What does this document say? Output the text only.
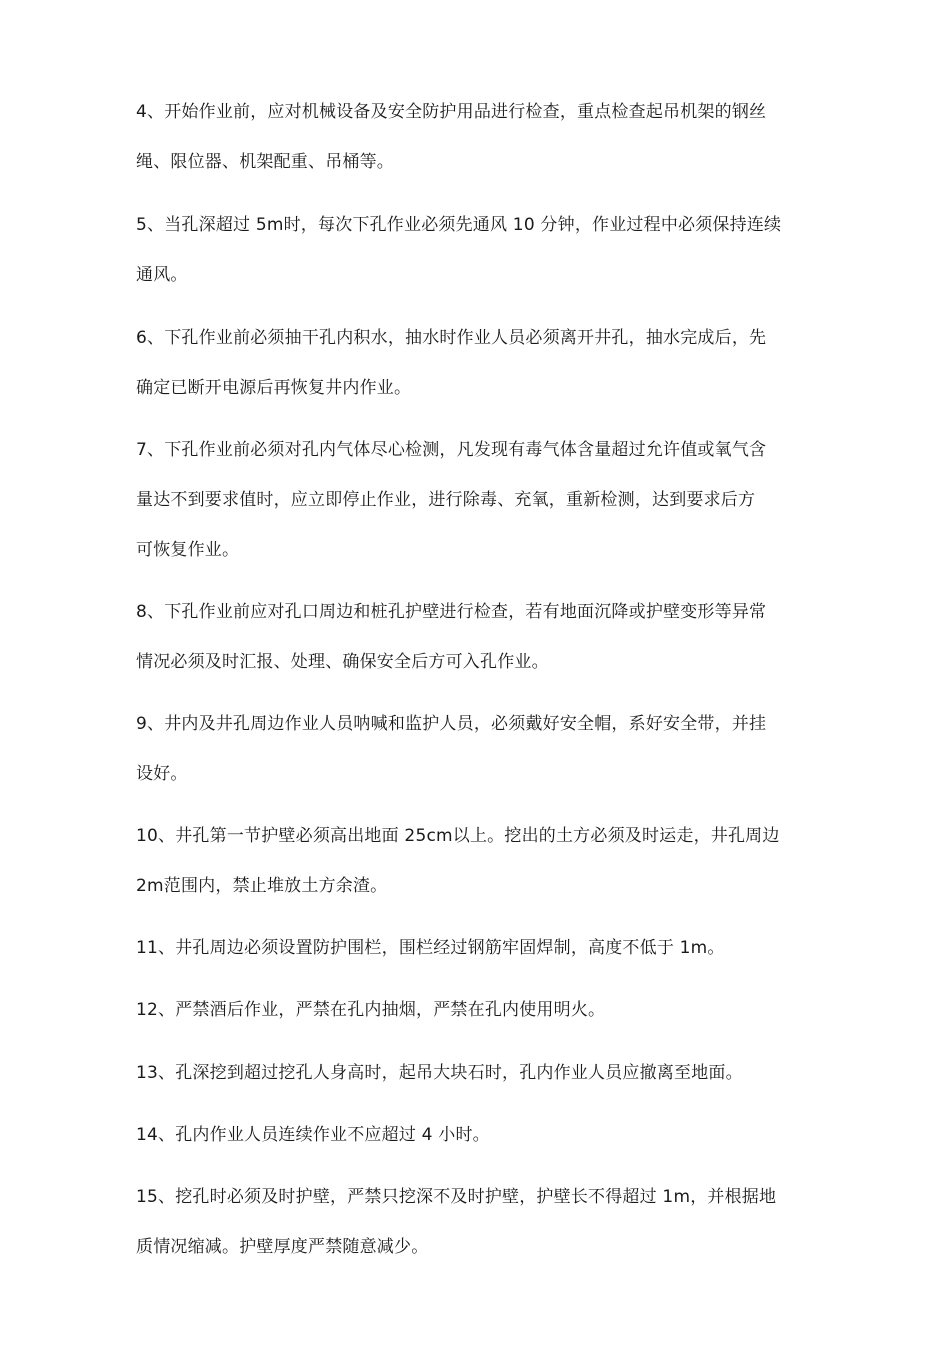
4、开始作业前，应对机械设备及安全防护用品进行检查，重点检查起吊机架的钢丝
绳、限位器、机架配重、吊桶等。
5、当孔深超过 5m时，每次下孔作业必须先通风 10 分钟，作业过程中必须保持连续
通风。
6、下孔作业前必须抽干孔内积水，抽水时作业人员必须离开井孔，抽水完成后，先
确定已断开电源后再恢复井内作业。
7、下孔作业前必须对孔内气体尽心检测，凡发现有毒气体含量超过允许值或氧气含
量达不到要求值时，应立即停止作业，进行除毒、充氧，重新检测，达到要求后方
可恢复作业。
8、下孔作业前应对孔口周边和桩孔护壁进行检查，若有地面沉降或护壁变形等异常
情况必须及时汇报、处理、确保安全后方可入孔作业。
9、井内及井孔周边作业人员呐喊和监护人员，必须戴好安全帽，系好安全带，并挂
设好。
10、井孔第一节护壁必须高出地面 25cm以上。挖出的土方必须及时运走，井孔周边
2m范围内，禁止堆放土方余渣。
11、井孔周边必须设置防护围栏，围栏经过钢筋牢固焊制，高度不低于 1m。
12、严禁酒后作业，严禁在孔内抽烟，严禁在孔内使用明火。
13、孔深挖到超过挖孔人身高时，起吊大块石时，孔内作业人员应撤离至地面。
14、孔内作业人员连续作业不应超过 4 小时。
15、挖孔时必须及时护壁，严禁只挖深不及时护壁，护壁长不得超过 1m，并根据地
质情况缩减。护壁厚度严禁随意减少。
